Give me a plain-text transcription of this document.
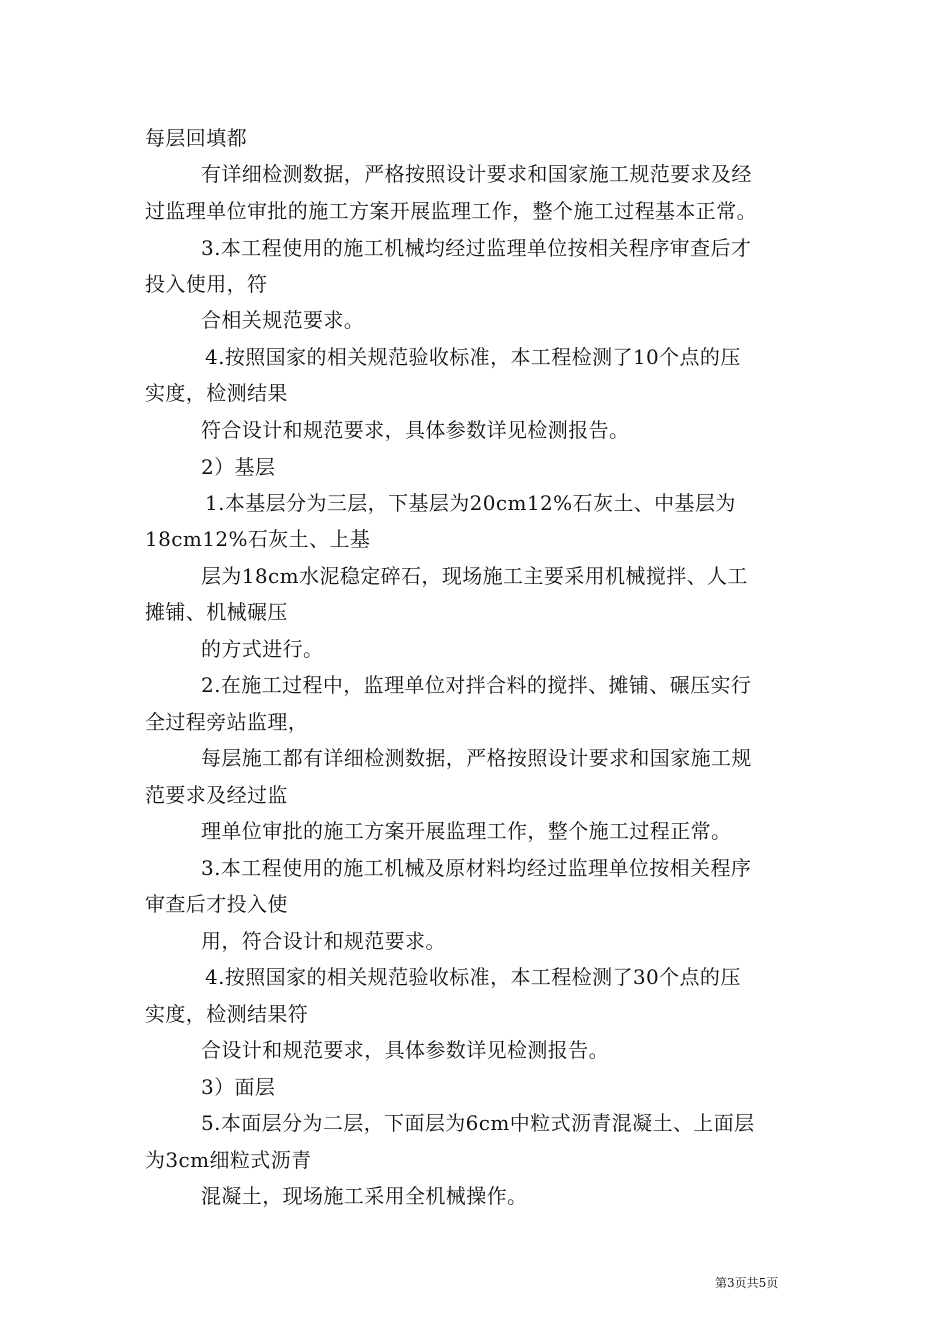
每层回填都
有详细检测数据，严格按照设计要求和国家施工规范要求及经
过监理单位审批的施工方案开展监理工作，整个施工过程基本正常。
3.本工程使用的施工机械均经过监理单位按相关程序审查后才
投入使用，符
合相关规范要求。
4.按照国家的相关规范验收标准，本工程检测了10个点的压
实度，检测结果
符合设计和规范要求，具体参数详见检测报告。
2）基层
1.本基层分为三层，下基层为20cm12%石灰土、中基层为
18cm12%石灰土、上基
层为18cm水泥稳定碎石，现场施工主要采用机械搅拌、人工
摊铺、机械碾压
的方式进行。
2.在施工过程中，监理单位对拌合料的搅拌、摊铺、碾压实行
全过程旁站监理，
每层施工都有详细检测数据，严格按照设计要求和国家施工规
范要求及经过监
理单位审批的施工方案开展监理工作，整个施工过程正常。
3.本工程使用的施工机械及原材料均经过监理单位按相关程序
审查后才投入使
用，符合设计和规范要求。
4.按照国家的相关规范验收标准，本工程检测了30个点的压
实度，检测结果符
合设计和规范要求，具体参数详见检测报告。
3）面层
5.本面层分为二层，下面层为6cm中粒式沥青混凝土、上面层
为3cm细粒式沥青
混凝土，现场施工采用全机械操作。
第3页共5页
